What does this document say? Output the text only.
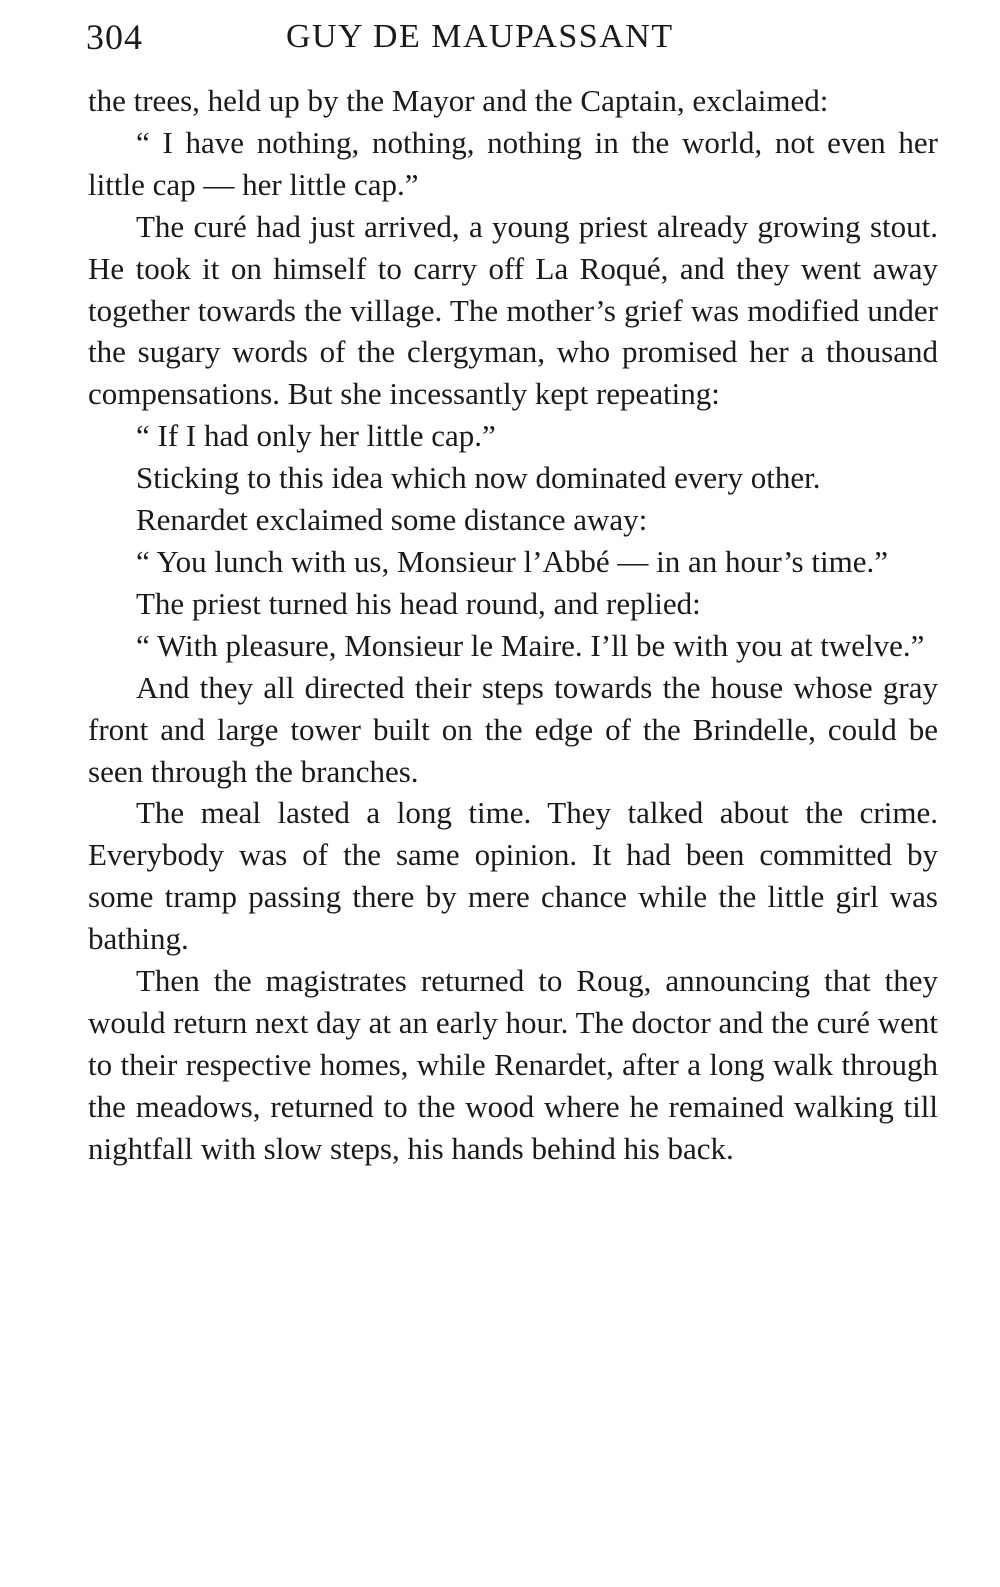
304	GUY DE MAUPASSANT

the trees, held up by the Mayor and the Captain, exclaimed:

“ I have nothing, nothing, nothing in the world, not even her little cap — her little cap.”

The curé had just arrived, a young priest already growing stout. He took it on himself to carry off La Roqué, and they went away together towards the village. The mother’s grief was modified under the sugary words of the clergyman, who promised her a thousand compensations. But she incessantly kept repeating:

“ If I had only her little cap.”

Sticking to this idea which now dominated every other.

Renardet exclaimed some distance away:

“ You lunch with us, Monsieur l’Abbé — in an hour’s time.”

The priest turned his head round, and replied:

“ With pleasure, Monsieur le Maire. I’ll be with you at twelve.”

And they all directed their steps towards the house whose gray front and large tower built on the edge of the Brindelle, could be seen through the branches.

The meal lasted a long time. They talked about the crime. Everybody was of the same opinion. It had been committed by some tramp passing there by mere chance while the little girl was bathing.

Then the magistrates returned to Roug, announcing that they would return next day at an early hour. The doctor and the curé went to their respective homes, while Renardet, after a long walk through the meadows, returned to the wood where he remained walking till nightfall with slow steps, his hands behind his back.
